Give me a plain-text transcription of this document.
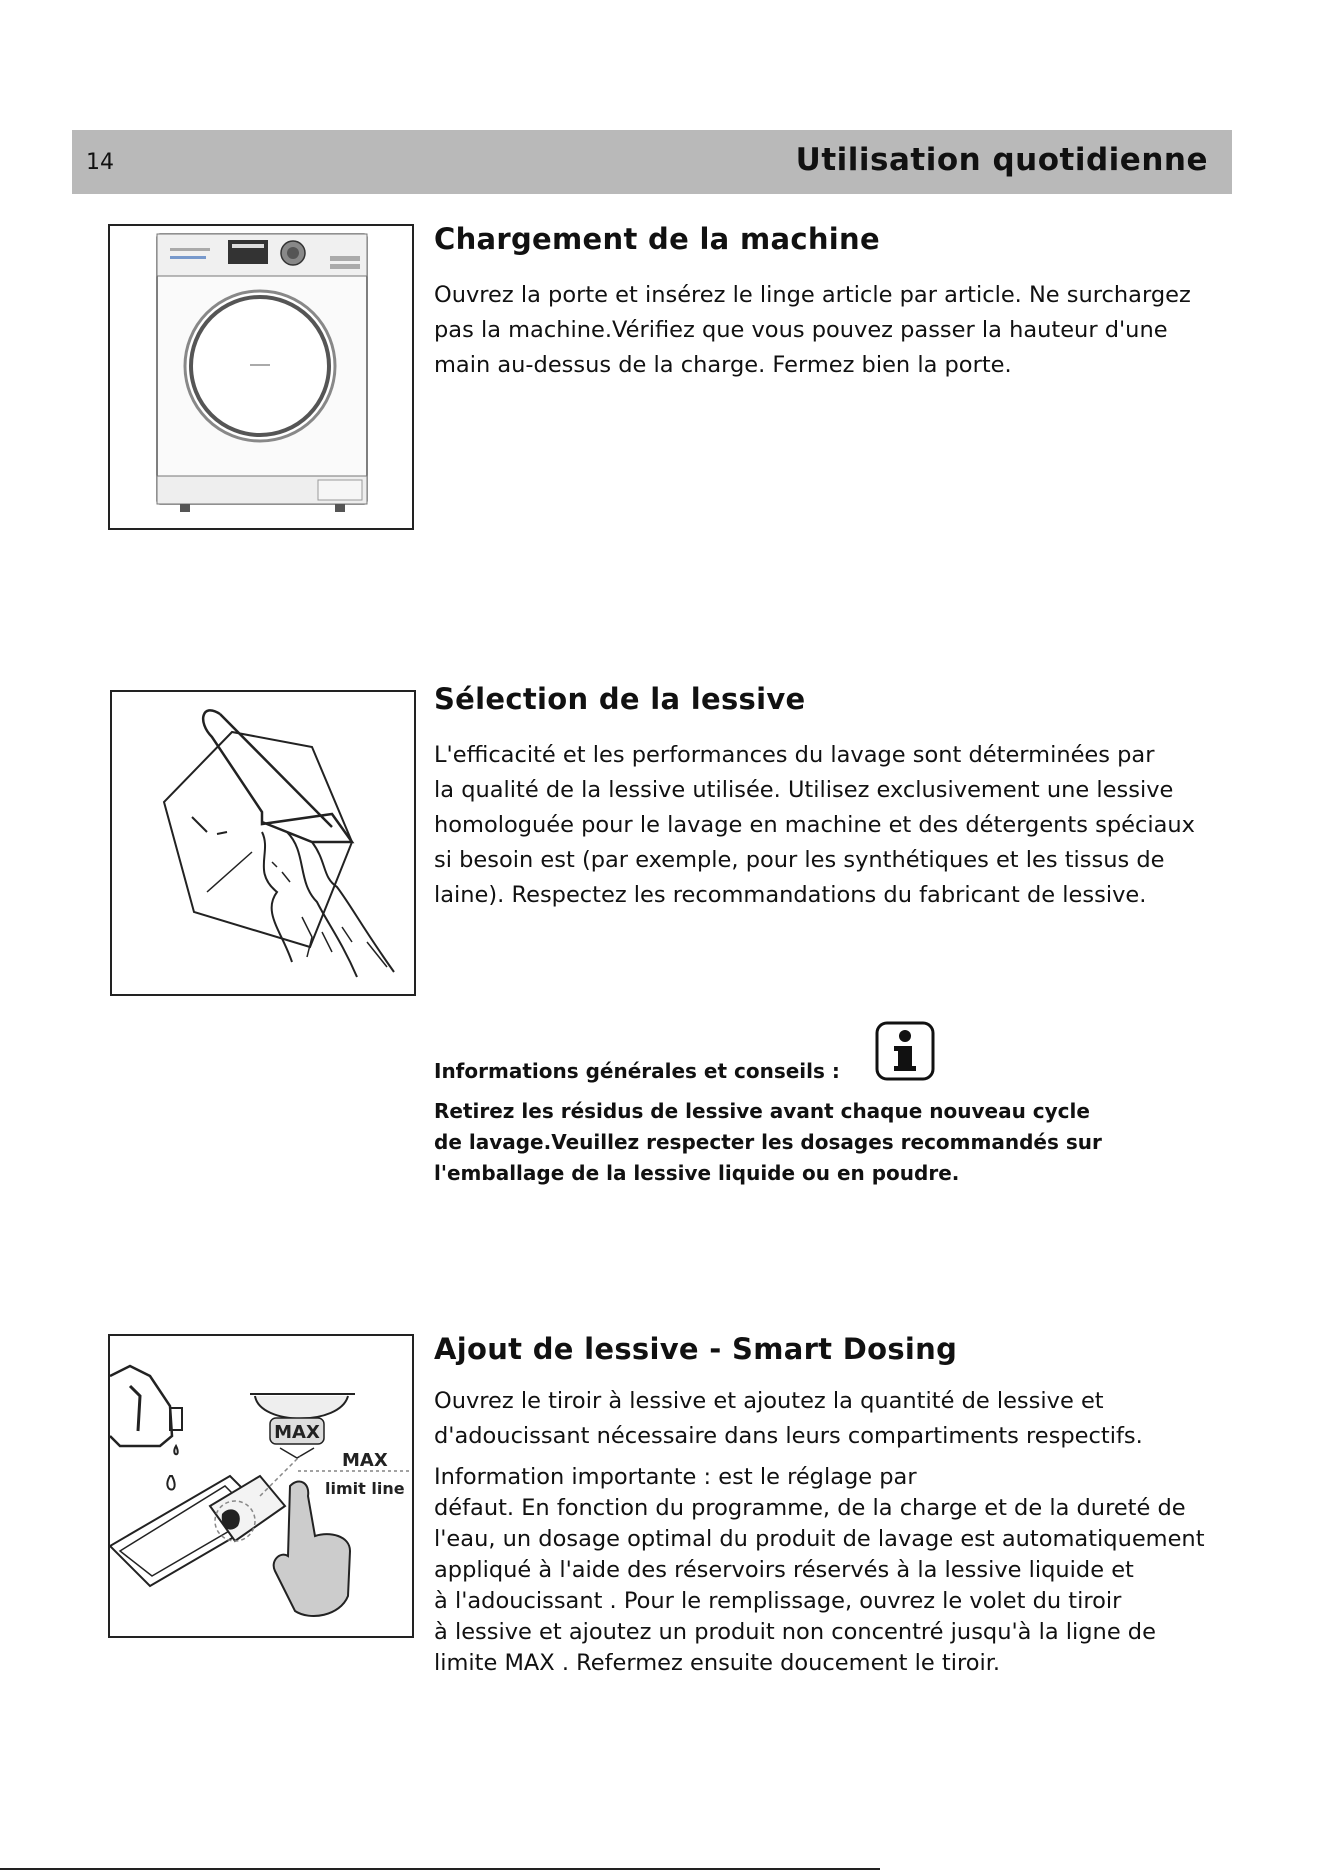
14	Utilisation quotidienne
Chargement de la machine

Ouvrez la porte et insérez le linge article par article. Ne surchargez
pas la machine.Vérifiez que vous pouvez passer la hauteur d'une
main au-dessus de la charge. Fermez bien la porte.

Sélection de la lessive

L'efficacité et les performances du lavage sont déterminées par
la qualité de la lessive utilisée. Utilisez exclusivement une lessive
homologuée pour le lavage en machine et des détergents spéciaux
si besoin est (par exemple, pour les synthétiques et les tissus de
laine). Respectez les recommandations du fabricant de lessive.

Informations générales et conseils :
Retirez les résidus de lessive avant chaque nouveau cycle
de lavage.Veuillez respecter les dosages recommandés sur
l'emballage de la lessive liquide ou en poudre.
MAX
MAX
limit line
Ajout de lessive - Smart Dosing

Ouvrez le tiroir à lessive et ajoutez la quantité de lessive et
d'adoucissant nécessaire dans leurs compartiments respectifs.

Information importante : est le réglage par
défaut. En fonction du programme, de la charge et de la dureté de
l'eau, un dosage optimal du produit de lavage est automatiquement
appliqué à l'aide des réservoirs réservés à la lessive liquide et
à l'adoucissant . Pour le remplissage, ouvrez le volet du tiroir
à lessive et ajoutez un produit non concentré jusqu'à la ligne de
limite MAX . Refermez ensuite doucement le tiroir.
